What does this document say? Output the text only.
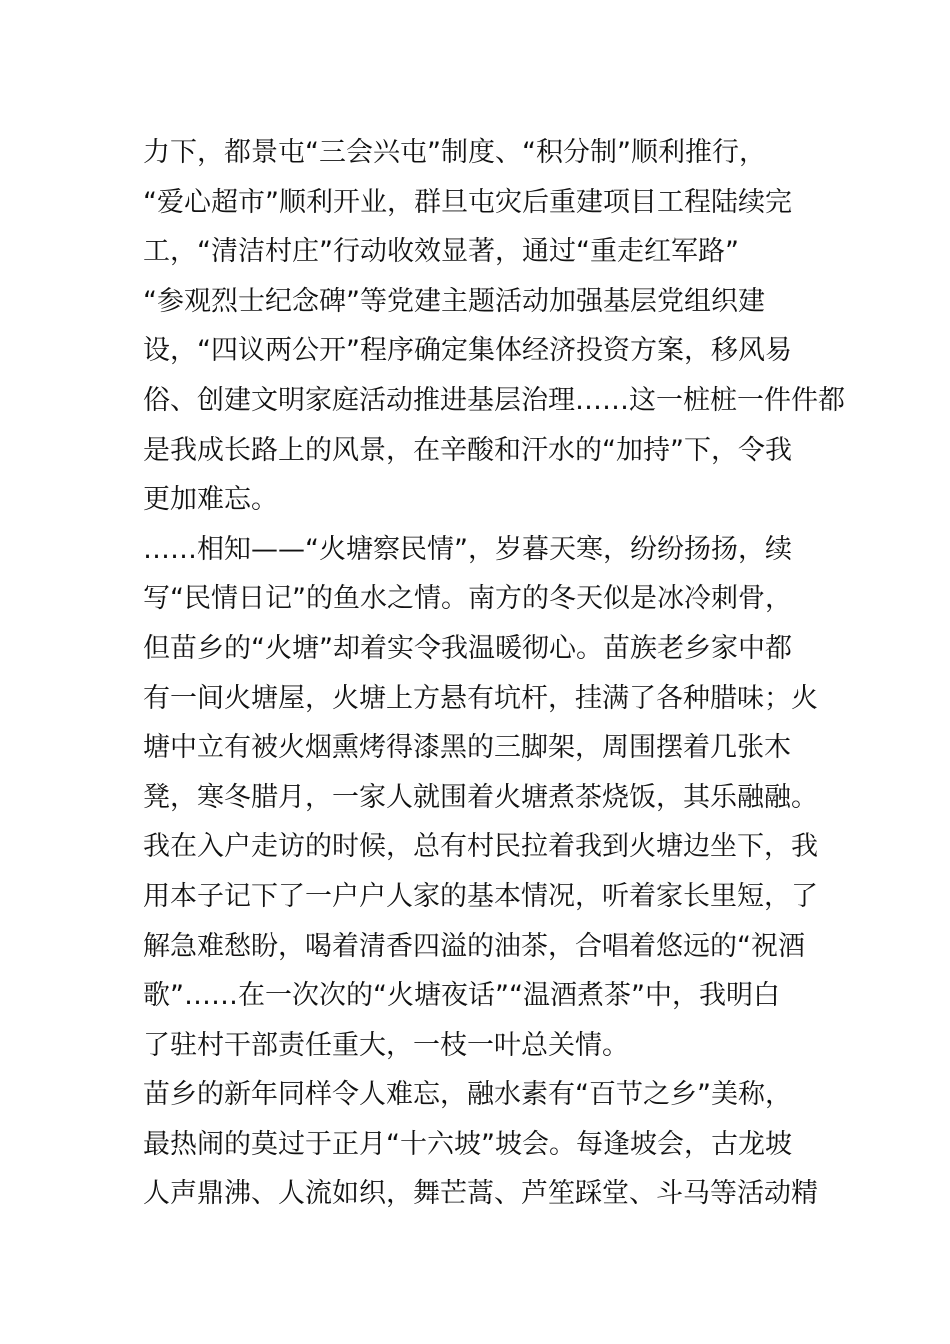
力下，都景屯“三会兴屯”制度、“积分制”顺利推行，
“爱心超市”顺利开业，群旦屯灾后重建项目工程陆续完
工，“清洁村庄”行动收效显著，通过“重走红军路”
“参观烈士纪念碑”等党建主题活动加强基层党组织建
设，“四议两公开”程序确定集体经济投资方案，移风易
俗、创建文明家庭活动推进基层治理……这一桩桩一件件都
是我成长路上的风景，在辛酸和汗水的“加持”下，令我
更加难忘。
……相知——“火塘察民情”，岁暮天寒，纷纷扬扬，续
写“民情日记”的鱼水之情。南方的冬天似是冰冷刺骨，
但苗乡的“火塘”却着实令我温暖彻心。苗族老乡家中都
有一间火塘屋，火塘上方悬有坑杆，挂满了各种腊味；火
塘中立有被火烟熏烤得漆黑的三脚架，周围摆着几张木
凳，寒冬腊月，一家人就围着火塘煮茶烧饭，其乐融融。
我在入户走访的时候，总有村民拉着我到火塘边坐下，我
用本子记下了一户户人家的基本情况，听着家长里短，了
解急难愁盼，喝着清香四溢的油茶，合唱着悠远的“祝酒
歌”……在一次次的“火塘夜话”“温酒煮茶”中，我明白
了驻村干部责任重大，一枝一叶总关情。
苗乡的新年同样令人难忘，融水素有“百节之乡”美称，
最热闹的莫过于正月“十六坡”坡会。每逢坡会，古龙坡
人声鼎沸、人流如织，舞芒蒿、芦笙踩堂、斗马等活动精
